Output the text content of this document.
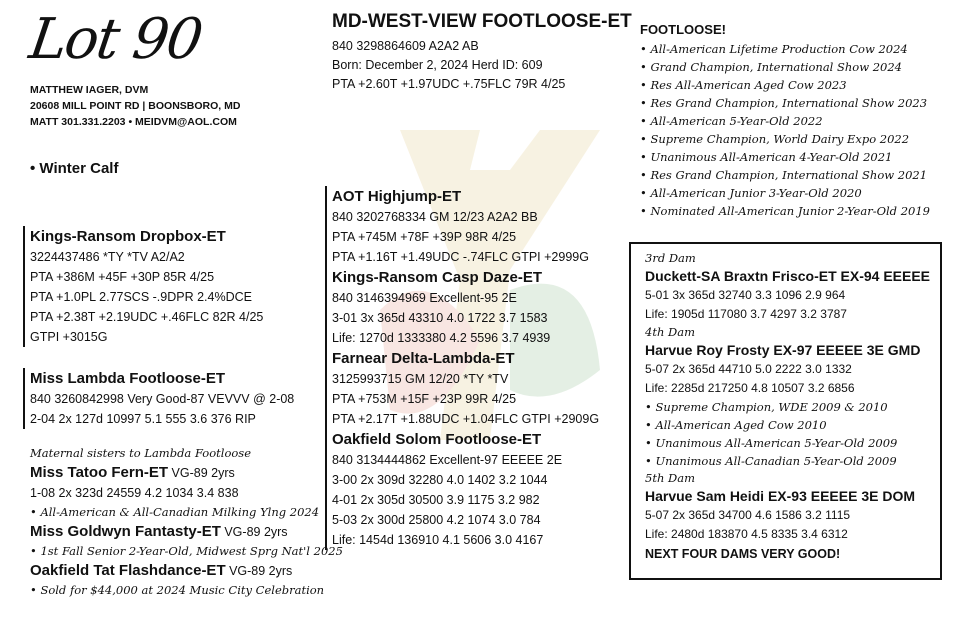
Lot 90
MATTHEW IAGER, DVM
20608 MILL POINT RD | BOONSBORO, MD
MATT 301.331.2203 • MEIDVM@AOL.COM
• Winter Calf
Kings-Ransom Dropbox-ET
3224437486 *TY *TV A2/A2
PTA +386M +45F +30P 85R 4/25
PTA +1.0PL 2.77SCS -.9DPR 2.4%DCE
PTA +2.38T +2.19UDC +.46FLC 82R 4/25
GTPI +3015G
Miss Lambda Footloose-ET
840 3260842998 Very Good-87 VEVVV @ 2-08
2-04 2x 127d 10997 5.1 555 3.6 376 RIP
Maternal sisters to Lambda Footloose
Miss Tatoo Fern-ET VG-89 2yrs
1-08 2x 323d 24559 4.2 1034 3.4 838
• All-American & All-Canadian Milking Ylng 2024
Miss Goldwyn Fantasty-ET VG-89 2yrs
• 1st Fall Senior 2-Year-Old, Midwest Sprg Nat'l 2025
Oakfield Tat Flashdance-ET VG-89 2yrs
• Sold for $44,000 at 2024 Music City Celebration
MD-WEST-VIEW FOOTLOOSE-ET
840 3298864609 A2A2 AB
Born: December 2, 2024 Herd ID: 609
PTA +2.60T +1.97UDC +.75FLC 79R 4/25
AOT Highjump-ET
840 3202768334 GM 12/23 A2A2 BB
PTA +745M +78F +39P 98R 4/25
PTA +1.16T +1.49UDC -.74FLC GTPI +2999G
Kings-Ransom Casp Daze-ET
840 3146394969 Excellent-95 2E
3-01 3x 365d 43310 4.0 1722 3.7 1583
Life: 1270d 1333380 4.2 5596 3.7 4939
Farnear Delta-Lambda-ET
3125993715 GM 12/20 *TY *TV
PTA +753M +15F +23P 99R 4/25
PTA +2.17T +1.88UDC +1.04FLC GTPI +2909G
Oakfield Solom Footloose-ET
840 3134444862 Excellent-97 EEEEE 2E
3-00 2x 309d 32280 4.0 1402 3.2 1044
4-01 2x 305d 30500 3.9 1175 3.2 982
5-03 2x 300d 25800 4.2 1074 3.0 784
Life: 1454d 136910 4.1 5606 3.0 4167
FOOTLOOSE!
• All-American Lifetime Production Cow 2024
• Grand Champion, International Show 2024
• Res All-American Aged Cow 2023
• Res Grand Champion, International Show 2023
• All-American 5-Year-Old 2022
• Supreme Champion, World Dairy Expo 2022
• Unanimous All-American 4-Year-Old 2021
• Res Grand Champion, International Show 2021
• All-American Junior 3-Year-Old 2020
• Nominated All-American Junior 2-Year-Old 2019
3rd Dam
Duckett-SA Braxtn Frisco-ET EX-94 EEEEE
5-01 3x 365d 32740 3.3 1096 2.9 964
Life: 1905d 117080 3.7 4297 3.2 3787
4th Dam
Harvue Roy Frosty EX-97 EEEEE 3E GMD
5-07 2x 365d 44710 5.0 2222 3.0 1332
Life: 2285d 217250 4.8 10507 3.2 6856
• Supreme Champion, WDE 2009 & 2010
• All-American Aged Cow 2010
• Unanimous All-American 5-Year-Old 2009
• Unanimous All-Canadian 5-Year-Old 2009
5th Dam
Harvue Sam Heidi EX-93 EEEEE 3E DOM
5-07 2x 365d 34700 4.6 1586 3.2 1115
Life: 2480d 183870 4.5 8335 3.4 6312
NEXT FOUR DAMS VERY GOOD!
